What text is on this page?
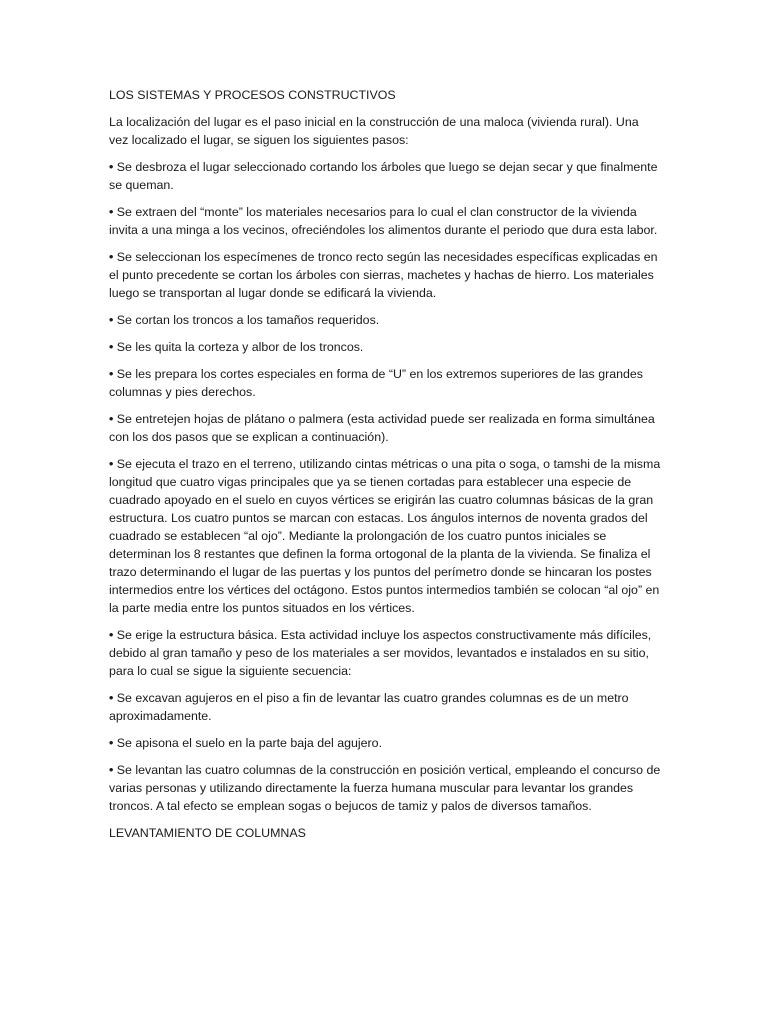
LOS SISTEMAS Y PROCESOS CONSTRUCTIVOS

La localización del lugar es el paso inicial en la construcción de una maloca (vivienda rural). Una vez localizado el lugar, se siguen los siguientes pasos:

• Se desbroza el lugar seleccionado cortando los árboles que luego se dejan secar y que finalmente se queman.

• Se extraen del “monte” los materiales necesarios para lo cual el clan constructor de la vivienda invita a una minga a los vecinos, ofreciéndoles los alimentos durante el periodo que dura esta labor.

• Se seleccionan los especímenes de tronco recto según las necesidades específicas explicadas en el punto precedente se cortan los árboles con sierras, machetes y hachas de hierro. Los materiales luego se transportan al lugar donde se edificará la vivienda.

• Se cortan los troncos a los tamaños requeridos.

• Se les quita la corteza y albor de los troncos.

• Se les prepara los cortes especiales en forma de “U” en los extremos superiores de las grandes columnas y pies derechos.

• Se entretejen hojas de plátano o palmera (esta actividad puede ser realizada en forma simultánea con los dos pasos que se explican a continuación).

• Se ejecuta el trazo en el terreno, utilizando cintas métricas o una pita o soga, o tamshi de la misma longitud que cuatro vigas principales que ya se tienen cortadas para establecer una especie de cuadrado apoyado en el suelo en cuyos vértices se erigirán las cuatro columnas básicas de la gran estructura. Los cuatro puntos se marcan con estacas. Los ángulos internos de noventa grados del cuadrado se establecen “al ojo”. Mediante la prolongación de los cuatro puntos iniciales se determinan los 8 restantes que definen la forma ortogonal de la planta de la vivienda. Se finaliza el trazo determinando el lugar de las puertas y los puntos del perímetro donde se hincaran los postes intermedios entre los vértices del octágono. Estos puntos intermedios también se colocan “al ojo” en la parte media entre los puntos situados en los vértices.

• Se erige la estructura básica. Esta actividad incluye los aspectos constructivamente más difíciles, debido al gran tamaño y peso de los materiales a ser movidos, levantados e instalados en su sitio, para lo cual se sigue la siguiente secuencia:

• Se excavan agujeros en el piso a fin de levantar las cuatro grandes columnas es de un metro aproximadamente.

• Se apisona el suelo en la parte baja del agujero.

• Se levantan las cuatro columnas de la construcción en posición vertical, empleando el concurso de varias personas y utilizando directamente la fuerza humana muscular para levantar los grandes troncos. A tal efecto se emplean sogas o bejucos de tamiz y palos de diversos tamaños.

LEVANTAMIENTO DE COLUMNAS
